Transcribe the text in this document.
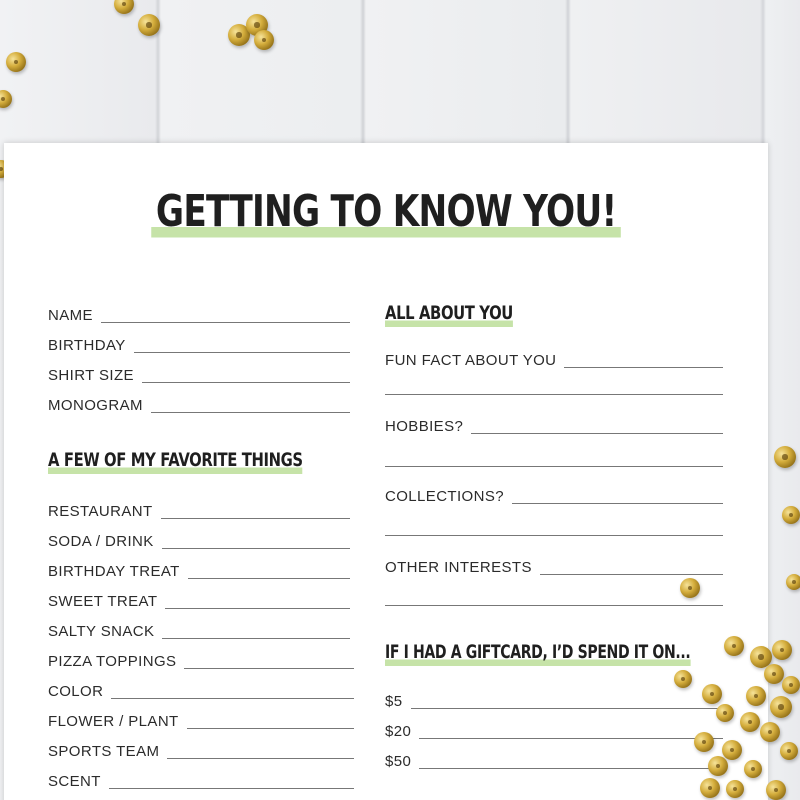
GETTING TO KNOW YOU!
NAME
BIRTHDAY
SHIRT SIZE
MONOGRAM
A FEW OF MY FAVORITE THINGS
RESTAURANT
SODA / DRINK
BIRTHDAY TREAT
SWEET TREAT
SALTY SNACK
PIZZA TOPPINGS
COLOR
FLOWER / PLANT
SPORTS TEAM
SCENT
ALL ABOUT YOU
FUN FACT ABOUT YOU
HOBBIES?
COLLECTIONS?
OTHER INTERESTS
IF I HAD A GIFTCARD, I’D SPEND IT ON...
$5
$20
$50
